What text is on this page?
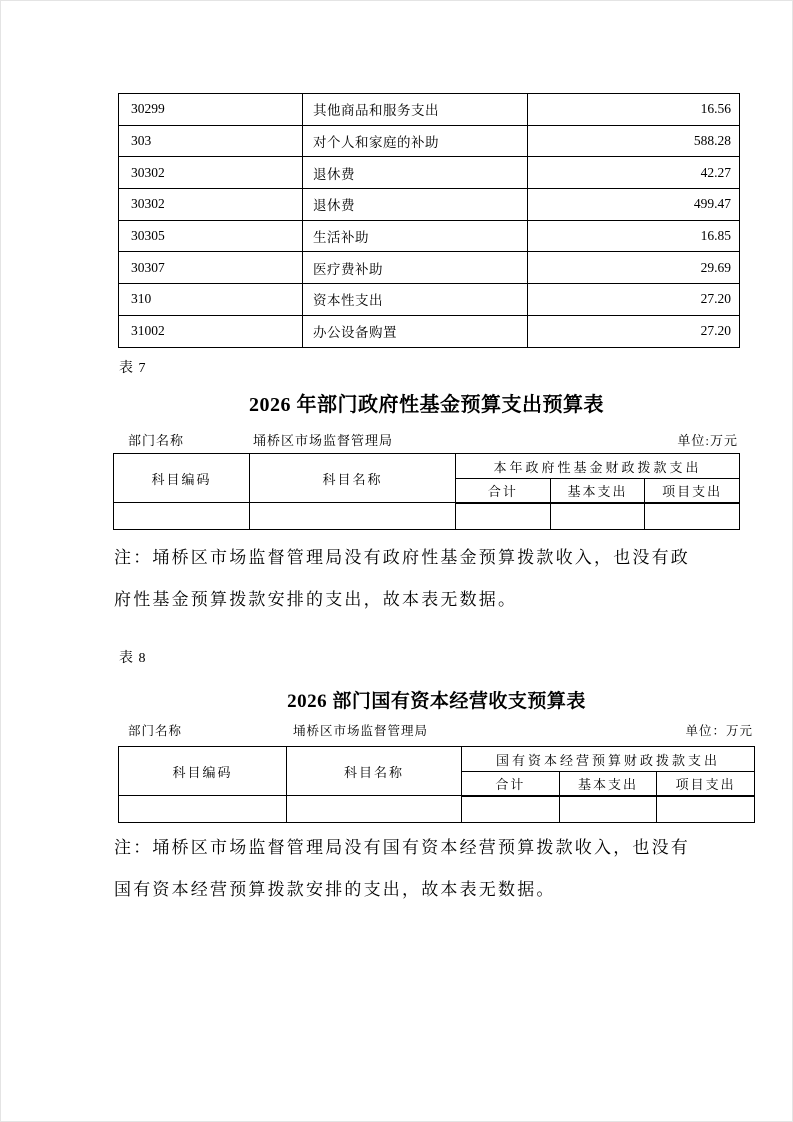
30299	其他商品和服务支出	16.56
303	对个人和家庭的补助	588.28
30302	退休费	42.27
30302	退休费	499.47
30305	生活补助	16.85
30307	医疗费补助	29.69
310	资本性支出	27.20
31002	办公设备购置	27.20
表 7
2026 年部门政府性基金预算支出预算表
部门名称	埇桥区市场监督管理局	单位:万元
科目编码	科目名称	本年政府性基金财政拨款支出		
		合计	基本支出	项目支出

注：埇桥区市场监督管理局没有政府性基金预算拨款收入，也没有政
府性基金预算拨款安排的支出，故本表无数据。
表 8
2026 部门国有资本经营收支预算表
部门名称	埇桥区市场监督管理局	单位：万元
科目编码	科目名称	国有资本经营预算财政拨款支出		
		合计	基本支出	项目支出

注：埇桥区市场监督管理局没有国有资本经营预算拨款收入，也没有
国有资本经营预算拨款安排的支出，故本表无数据。
